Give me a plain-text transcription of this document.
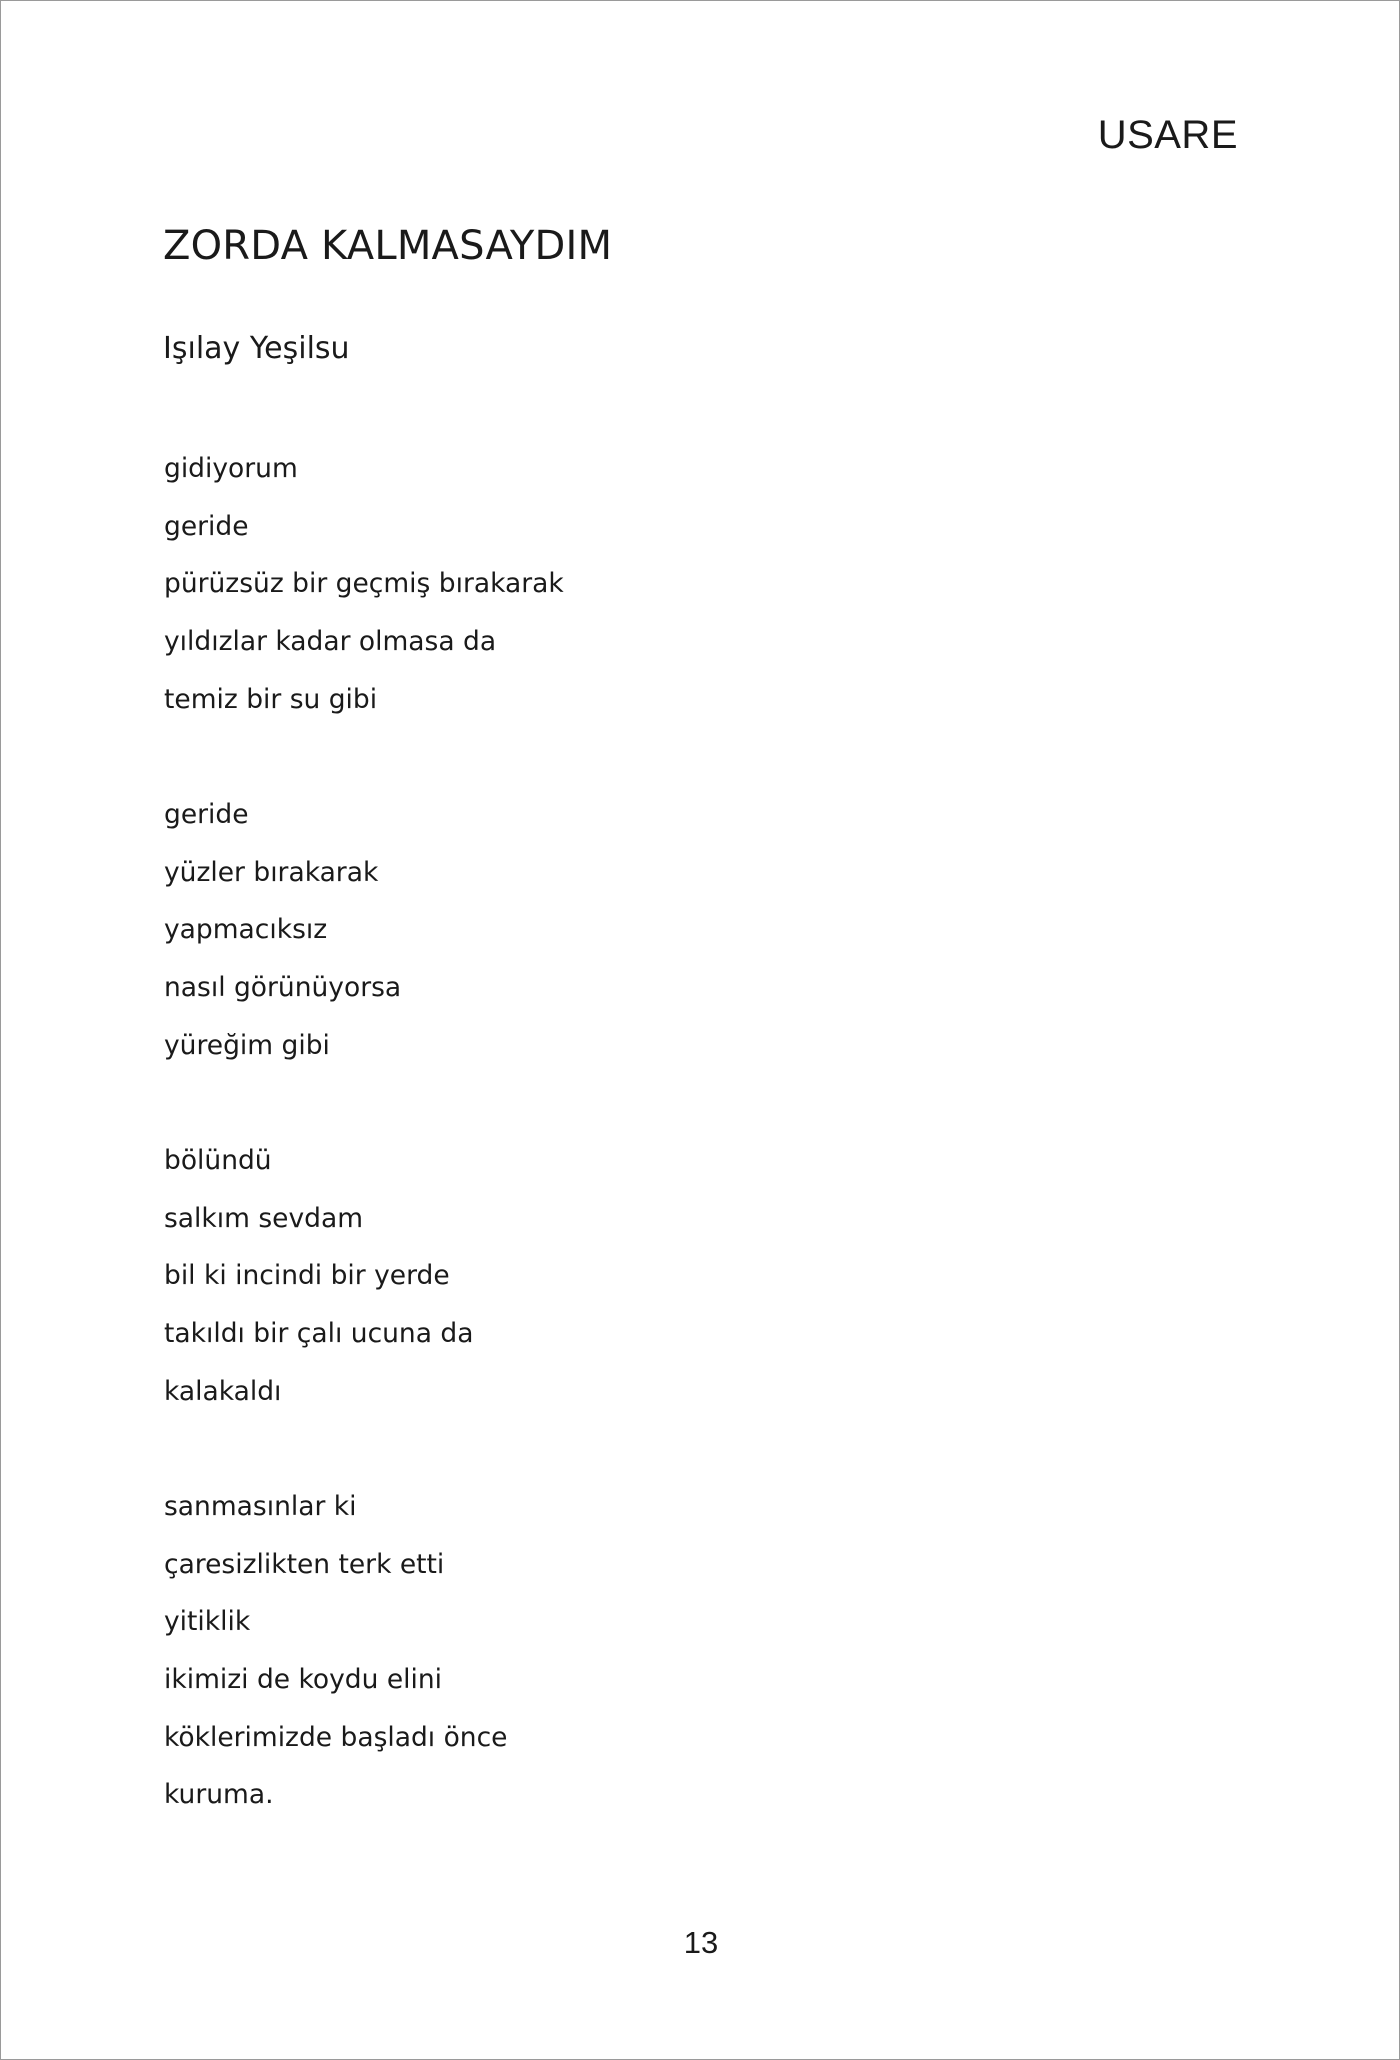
USARE
ZORDA KALMASAYDIM
Işılay Yeşilsu
gidiyorum
geride
pürüzsüz bir geçmiş bırakarak
yıldızlar kadar olmasa da
temiz bir su gibi
geride
yüzler bırakarak
yapmacıksız
nasıl görünüyorsa
yüreğim gibi
bölündü
salkım sevdam
bil ki incindi bir yerde
takıldı bir çalı ucuna da
kalakaldı
sanmasınlar ki
çaresizlikten terk etti
yitiklik
ikimizi de koydu elini
köklerimizde başladı önce
kuruma.
13
